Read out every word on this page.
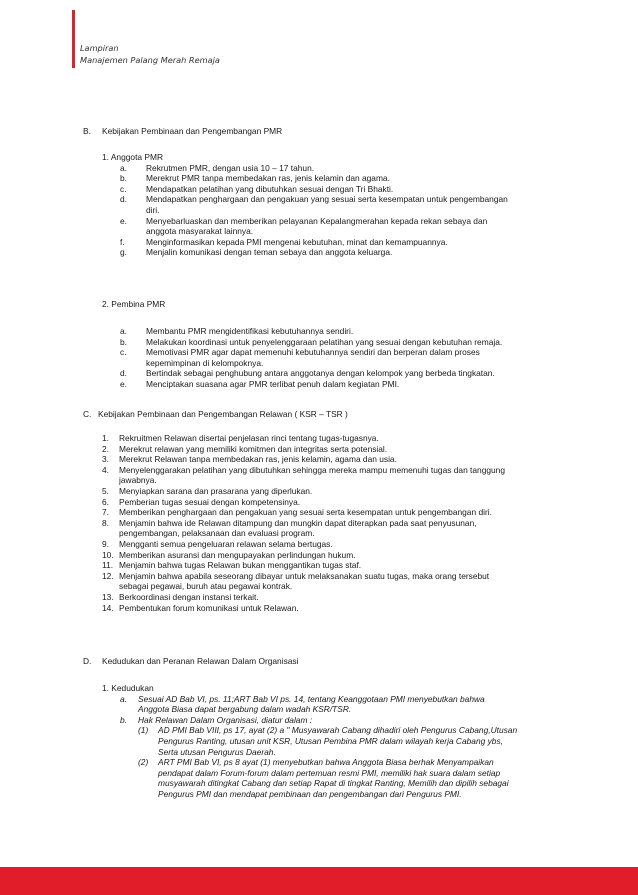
Lampiran
Manajemen Palang Merah Remaja
B. Kebijakan Pembinaan dan Pengembangan PMR
1. Anggota PMR
a. Rekrutmen PMR, dengan usia 10 – 17 tahun.
b. Merekrut PMR tanpa membedakan ras, jenis kelamin dan agama.
c. Mendapatkan pelatihan yang dibutuhkan sesuai dengan Tri Bhakti.
d. Mendapatkan penghargaan dan pengakuan yang sesuai serta kesempatan untuk pengembangan
diri.
e. Menyebarluaskan dan memberikan pelayanan Kepalangmerahan kepada rekan sebaya dan
anggota masyarakat lainnya.
f.	Menginformasikan kepada PMI mengenai kebutuhan, minat dan kemampuannya.
g. Menjalin komunikasi dengan teman sebaya dan anggota keluarga.
2. Pembina PMR
a. Membantu PMR mengidentifikasi kebutuhannya sendiri.
b. Melakukan koordinasi untuk penyelenggaraan pelatihan yang sesuai dengan kebutuhan remaja.
c. Memotivasi PMR agar dapat memenuhi kebutuhannya sendiri dan berperan dalam proses
kepemimpinan di kelompoknya.
d. Bertindak sebagai penghubung antara anggotanya dengan kelompok yang berbeda tingkatan.
e. Menciptakan suasana agar PMR terlibat penuh dalam kegiatan PMI.
C. Kebijakan Pembinaan dan Pengembangan Relawan ( KSR – TSR )
1. Rekruitmen Relawan disertai penjelasan rinci tentang tugas-tugasnya.
2. Merekrut relawan yang memiliki komitmen dan integritas serta potensial.
3. Merekrut Relawan tanpa membedakan ras, jenis kelamin, agama dan usia.
4. Menyelenggarakan pelatihan yang dibutuhkan sehingga mereka mampu memenuhi tugas dan tanggung
jawabnya.
5. Menyiapkan sarana dan prasarana yang diperlukan.
6. Pemberian tugas sesuai dengan kompetensinya.
7. Memberikan penghargaan dan pengakuan yang sesuai serta kesempatan untuk pengembangan diri.
8. Menjamin bahwa ide Relawan ditampung dan mungkin dapat diterapkan pada saat penyusunan,
pengembangan, pelaksanaan dan evaluasi program.
9. Mengganti semua pengeluaran relawan selama bertugas.
10. Memberikan asuransi dan mengupayakan perlindungan hukum.
11. Menjamin bahwa tugas Relawan bukan menggantikan tugas staf.
12. Menjamin bahwa apabila seseorang dibayar untuk melaksanakan suatu tugas, maka orang tersebut
sebagai pegawai, buruh atau pegawai kontrak.
13. Berkoordinasi dengan instansi terkait.
14. Pembentukan forum komunikasi untuk Relawan.
D. Kedudukan dan Peranan Relawan Dalam Organisasi
1. Kedudukan
a. Sesuai AD Bab VI, ps. 11;ART Bab VI ps. 14, tentang Keanggotaan PMI menyebutkan bahwa
Anggota Biasa dapat bergabung dalam wadah KSR/TSR.
b. Hak Relawan Dalam Organisasi, diatur dalam :
(1) AD PMI Bab VIII, ps 17, ayat (2) a " Musyawarah Cabang dihadiri oleh Pengurus Cabang,Utusan
Pengurus Ranting, utusan unit KSR, Utusan Pembina PMR dalam wilayah kerja Cabang ybs,
Serta utusan Pengurus Daerah.
(2) ART PMI Bab VI, ps 8 ayat (1) menyebutkan bahwa Anggota Biasa berhak Menyampaikan
pendapat dalam Forum-forum dalam pertemuan resmi PMI, memiliki hak suara dalam setiap
musyawarah ditingkat Cabang dan setiap Rapat di tingkat Ranting, Memilih dan dipilih sebagai
Pengurus PMI dan mendapat pembinaan dan pengembangan dari Pengurus PMI.
